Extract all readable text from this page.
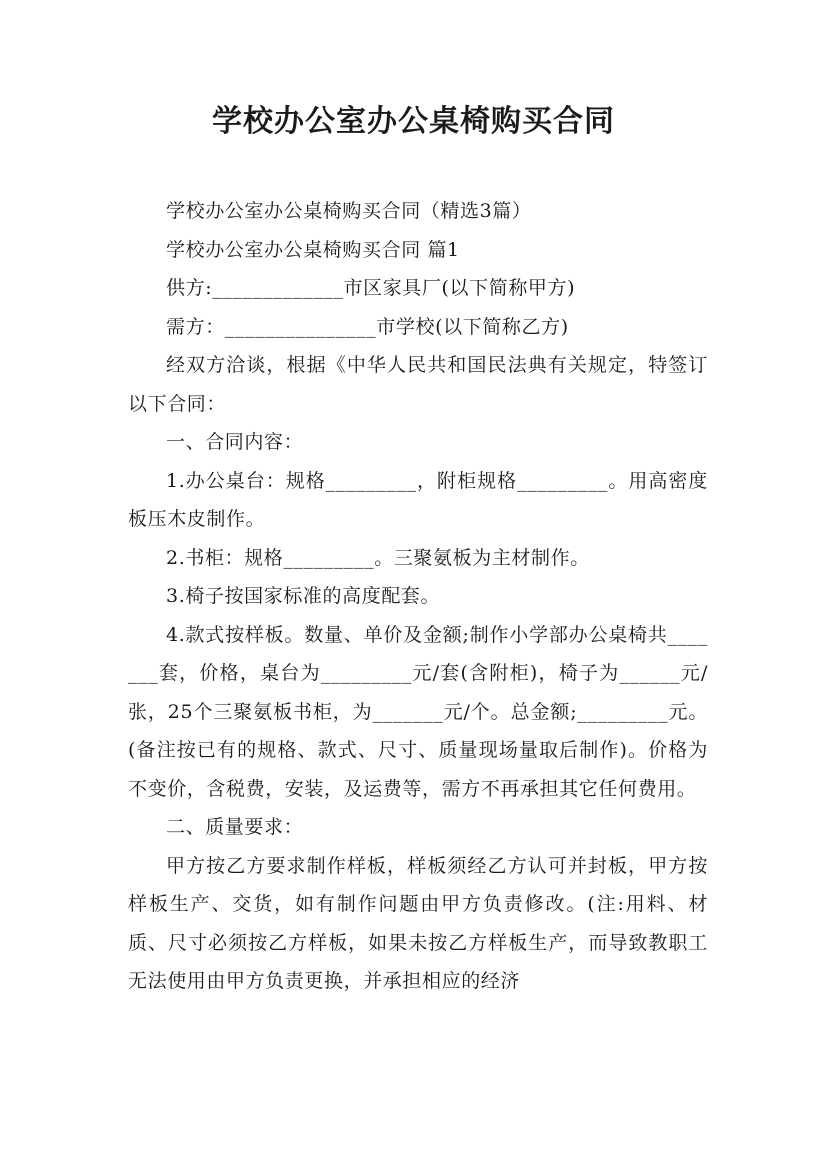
学校办公室办公桌椅购买合同

学校办公室办公桌椅购买合同（精选3篇）

学校办公室办公桌椅购买合同 篇1

供方:_____________市区家具厂(以下简称甲方)

需方：_______________市学校(以下简称乙方)

经双方洽谈，根据《中华人民共和国民法典有关规定，特签订以下合同：

一、合同内容：

1.办公桌台：规格_________，附柜规格_________。用高密度板压木皮制作。

2.书柜：规格_________。三聚氨板为主材制作。

3.椅子按国家标准的高度配套。

4.款式按样板。数量、单价及金额;制作小学部办公桌椅共_______套，价格，桌台为_________元/套(含附柜)，椅子为______元/张，25个三聚氨板书柜，为_______元/个。总金额;_________元。(备注按已有的规格、款式、尺寸、质量现场量取后制作)。价格为不变价，含税费，安装，及运费等，需方不再承担其它任何费用。

二、质量要求：

甲方按乙方要求制作样板，样板须经乙方认可并封板，甲方按样板生产、交货，如有制作问题由甲方负责修改。(注:用料、材质、尺寸必须按乙方样板，如果未按乙方样板生产，而导致教职工无法使用由甲方负责更换，并承担相应的经济
